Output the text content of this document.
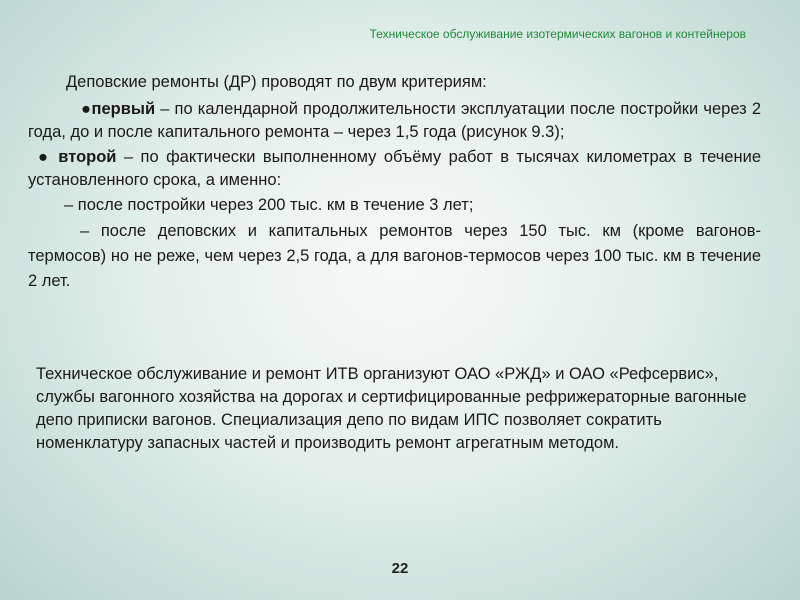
Техническое обслуживание изотермических вагонов и контейнеров

Деповские ремонты (ДР) проводят по двум критериям:

●первый – по календарной продолжительности эксплуатации после постройки через 2 года, до и после капитального ремонта – через 1,5 года (рисунок 9.3);

● второй – по фактически выполненному объёму работ в тысячах километрах в течение установленного срока, а именно:

– после постройки через 200 тыс. км в течение 3 лет;

– после деповских и капитальных ремонтов через 150 тыс. км (кроме вагонов-термосов) но не реже, чем через 2,5 года, а для вагонов-термосов через 100 тыс. км в течение 2 лет.

Техническое обслуживание и ремонт ИТВ организуют ОАО «РЖД» и ОАО «Рефсервис», службы вагонного хозяйства на дорогах и сертифицированные рефрижераторные вагонные депо приписки вагонов. Специализация депо по видам ИПС позволяет сократить номенклатуру запасных частей и производить ремонт агрегатным методом.

22
